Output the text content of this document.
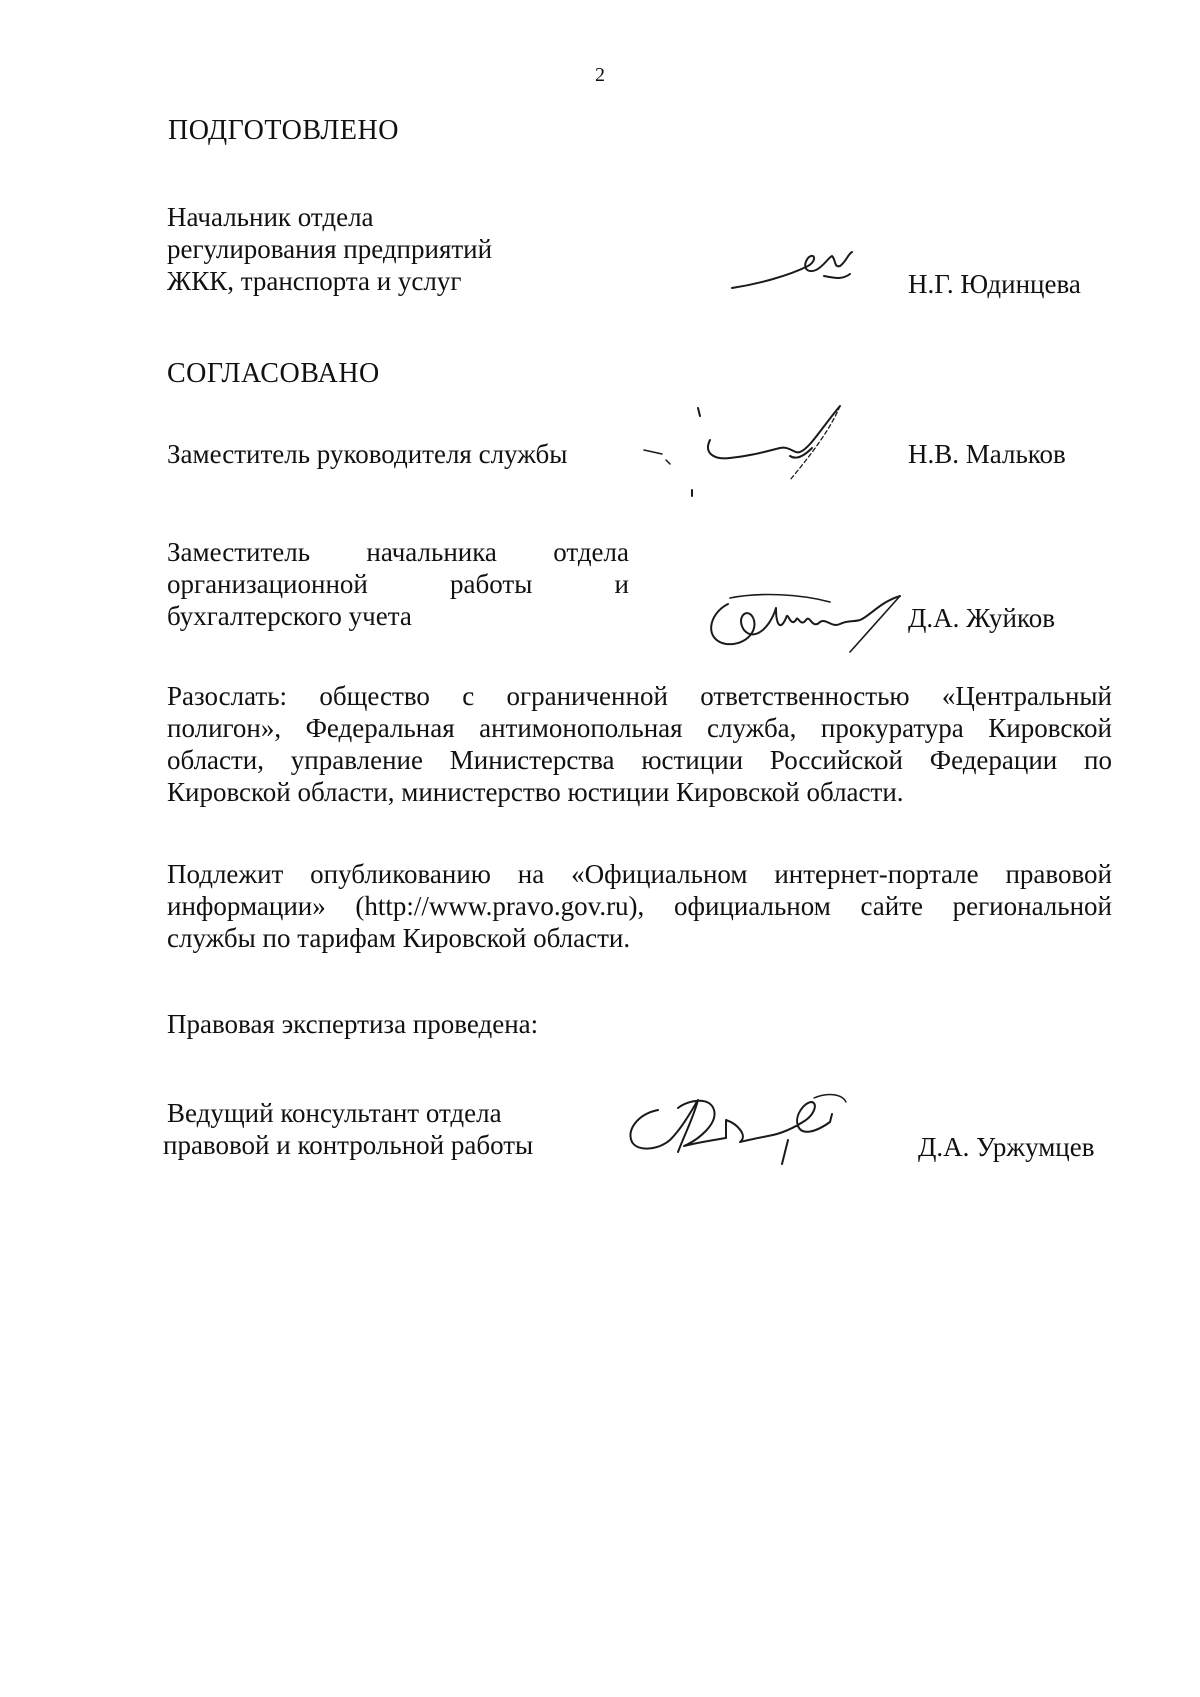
2
ПОДГОТОВЛЕНО
Начальник отдела
регулирования предприятий
ЖКК, транспорта и услуг	Н.Г. Юдинцева
СОГЛАСОВАНО
Заместитель руководителя службы	Н.В. Мальков
Заместитель начальника отдела
организационной работы и
бухгалтерского учета	Д.А. Жуйков
Разослать: общество с ограниченной ответственностью «Центральный
полигон», Федеральная антимонопольная служба, прокуратура Кировской
области, управление Министерства юстиции Российской Федерации по
Кировской области, министерство юстиции Кировской области.
Подлежит опубликованию на «Официальном интернет-портале правовой
информации» (http://www.pravo.gov.ru), официальном сайте региональной
службы по тарифам Кировской области.
Правовая экспертиза проведена:
Ведущий консультант отдела
правовой и контрольной работы	Д.А. Уржумцев
